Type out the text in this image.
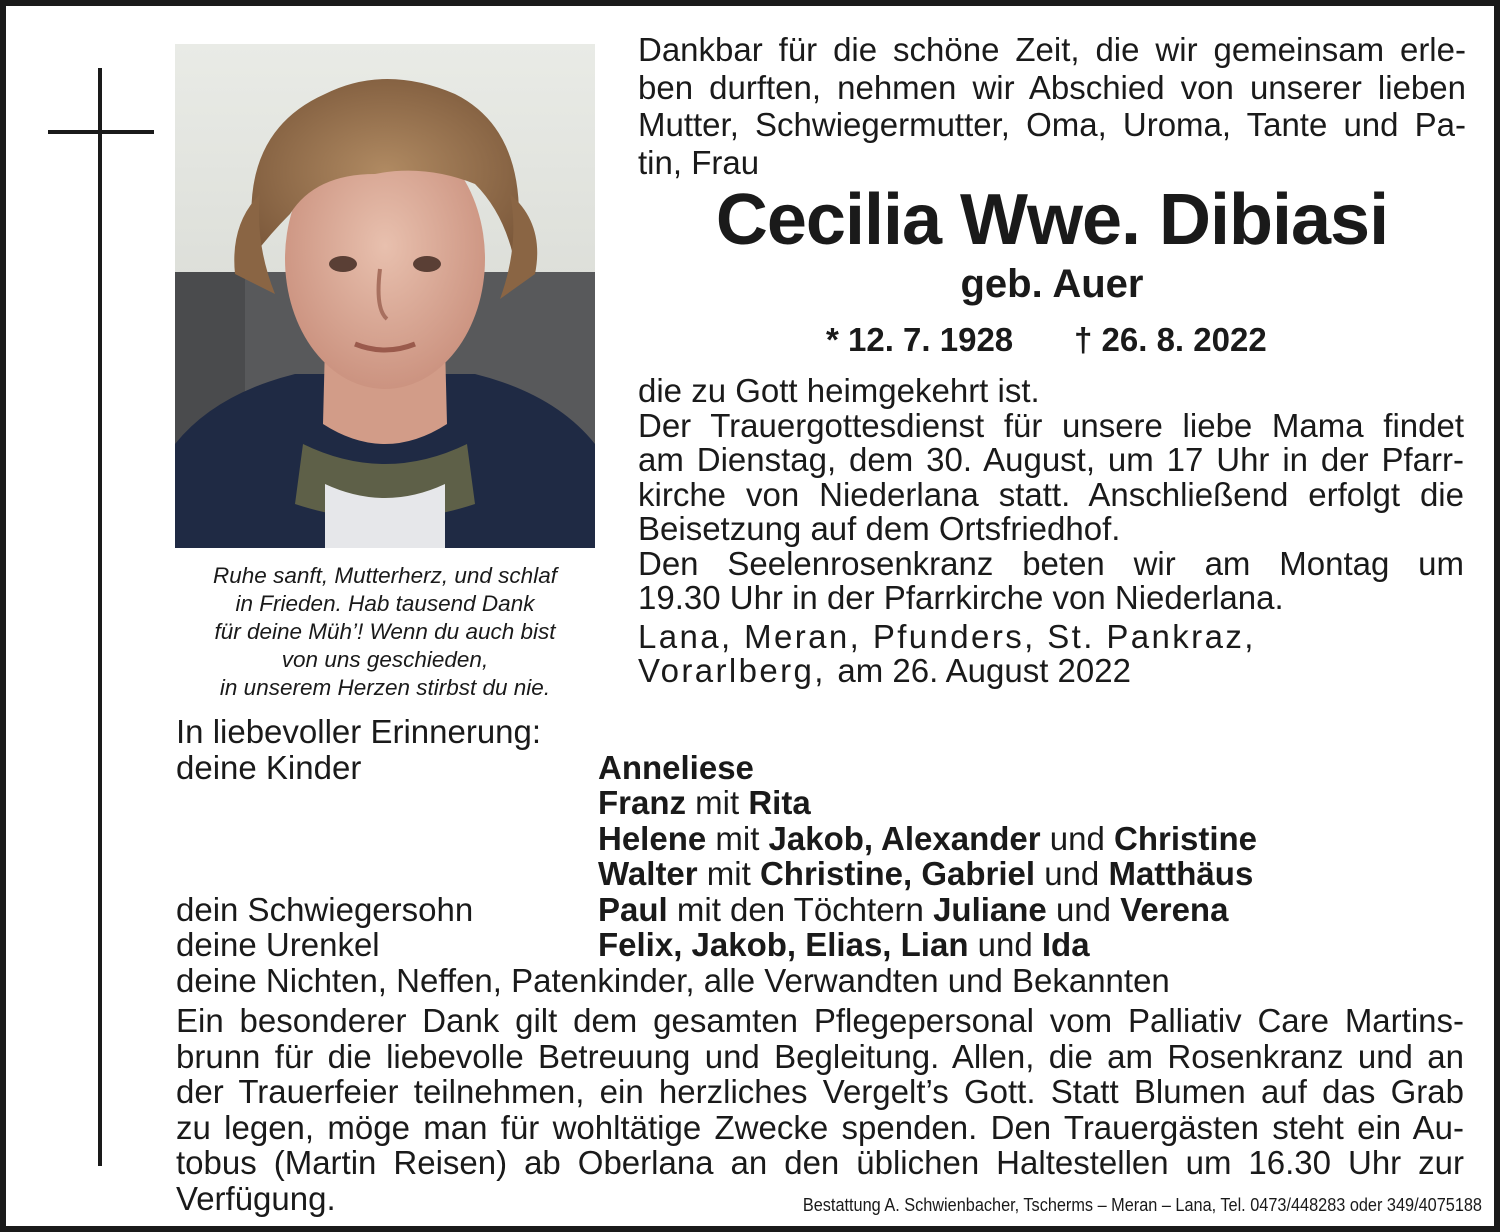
Ruhe sanft, Mutterherz, und schlaf
in Frieden. Hab tausend Dank
für deine Müh’! Wenn du auch bist
von uns geschieden,
in unserem Herzen stirbst du nie.
Dankbar für die schöne Zeit, die wir gemeinsam erle-
ben durften, nehmen wir Abschied von unserer lieben
Mutter, Schwiegermutter, Oma, Uroma, Tante und Pa-
tin, Frau
Cecilia Wwe. Dibiasi
geb. Auer
* 12. 7. 1928 † 26. 8. 2022
die zu Gott heimgekehrt ist.
Der Trauergottesdienst für unsere liebe Mama findet
am Dienstag, dem 30. August, um 17 Uhr in der Pfarr-
kirche von Niederlana statt. Anschließend erfolgt die
Beisetzung auf dem Ortsfriedhof.
Den Seelenrosenkranz beten wir am Montag um
19.30 Uhr in der Pfarrkirche von Niederlana.
Lana, Meran, Pfunders, St. Pankraz,
Vorarlberg, am 26. August 2022
In liebevoller Erinnerung:
deine Kinder	Anneliese
Franz mit Rita
Helene mit Jakob, Alexander und Christine
Walter mit Christine, Gabriel und Matthäus
dein Schwiegersohn	Paul mit den Töchtern Juliane und Verena
deine Urenkel	Felix, Jakob, Elias, Lian und Ida
deine Nichten, Neffen, Patenkinder, alle Verwandten und Bekannten
Ein besonderer Dank gilt dem gesamten Pflegepersonal vom Palliativ Care Martins-
brunn für die liebevolle Betreuung und Begleitung. Allen, die am Rosenkranz und an
der Trauerfeier teilnehmen, ein herzliches Vergelt’s Gott. Statt Blumen auf das Grab
zu legen, möge man für wohltätige Zwecke spenden. Den Trauergästen steht ein Au-
tobus (Martin Reisen) ab Oberlana an den üblichen Haltestellen um 16.30 Uhr zur
Verfügung.	Bestattung A. Schwienbacher, Tscherms – Meran – Lana, Tel. 0473/448283 oder 349/4075188
